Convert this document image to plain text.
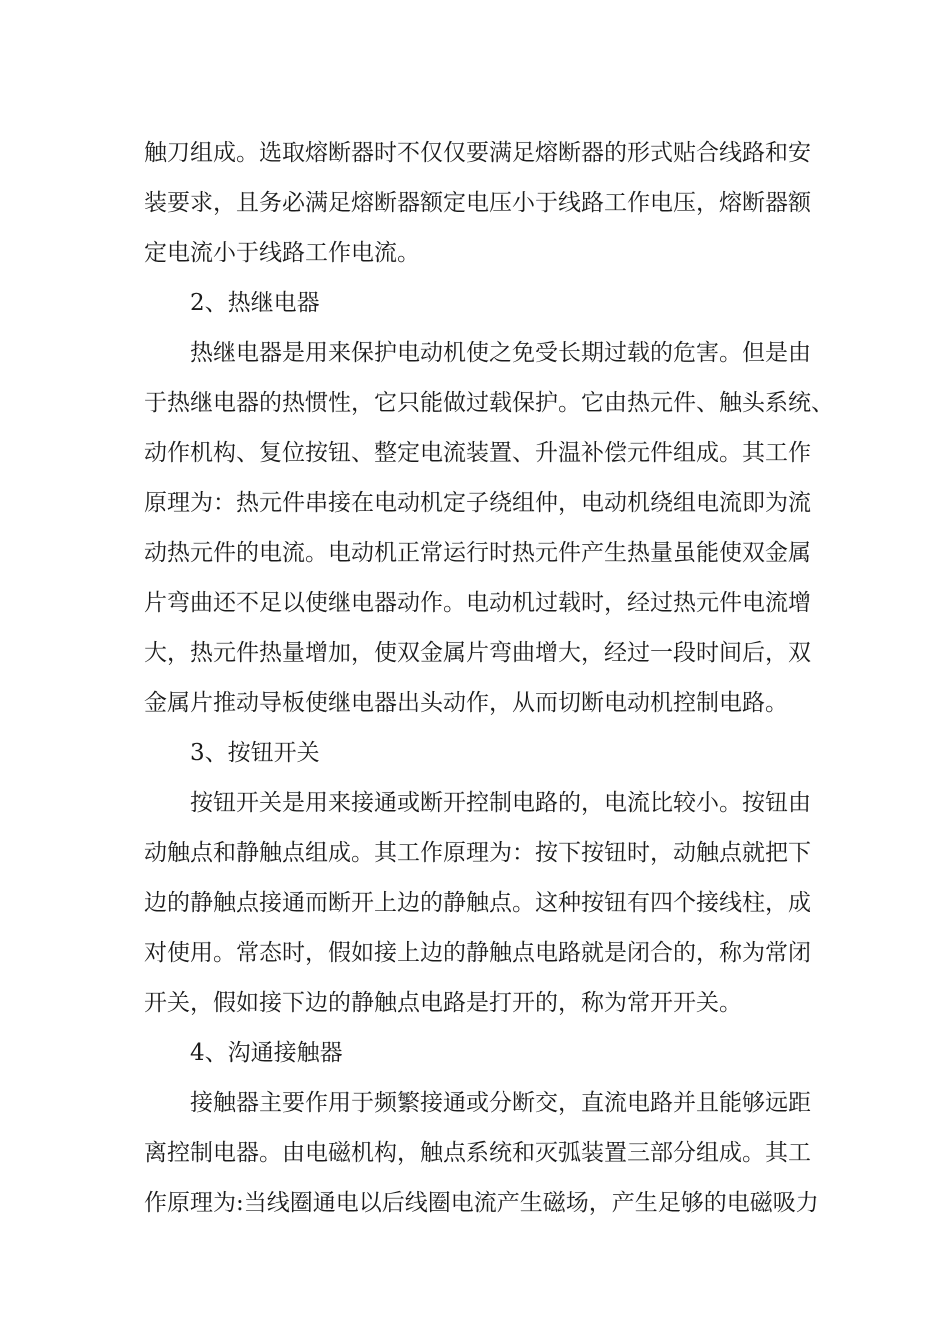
触刀组成。选取熔断器时不仅仅要满足熔断器的形式贴合线路和安
装要求，且务必满足熔断器额定电压小于线路工作电压，熔断器额
定电流小于线路工作电流。
2、热继电器
热继电器是用来保护电动机使之免受长期过载的危害。但是由
于热继电器的热惯性，它只能做过载保护。它由热元件、触头系统、
动作机构、复位按钮、整定电流装置、升温补偿元件组成。其工作
原理为：热元件串接在电动机定子绕组仲，电动机绕组电流即为流
动热元件的电流。电动机正常运行时热元件产生热量虽能使双金属
片弯曲还不足以使继电器动作。电动机过载时，经过热元件电流增
大，热元件热量增加，使双金属片弯曲增大，经过一段时间后，双
金属片推动导板使继电器出头动作，从而切断电动机控制电路。
3、按钮开关
按钮开关是用来接通或断开控制电路的，电流比较小。按钮由
动触点和静触点组成。其工作原理为：按下按钮时，动触点就把下
边的静触点接通而断开上边的静触点。这种按钮有四个接线柱，成
对使用。常态时，假如接上边的静触点电路就是闭合的，称为常闭
开关，假如接下边的静触点电路是打开的，称为常开开关。
4、沟通接触器
接触器主要作用于频繁接通或分断交，直流电路并且能够远距
离控制电器。由电磁机构，触点系统和灭弧装置三部分组成。其工
作原理为:当线圈通电以后线圈电流产生磁场，产生足够的电磁吸力
